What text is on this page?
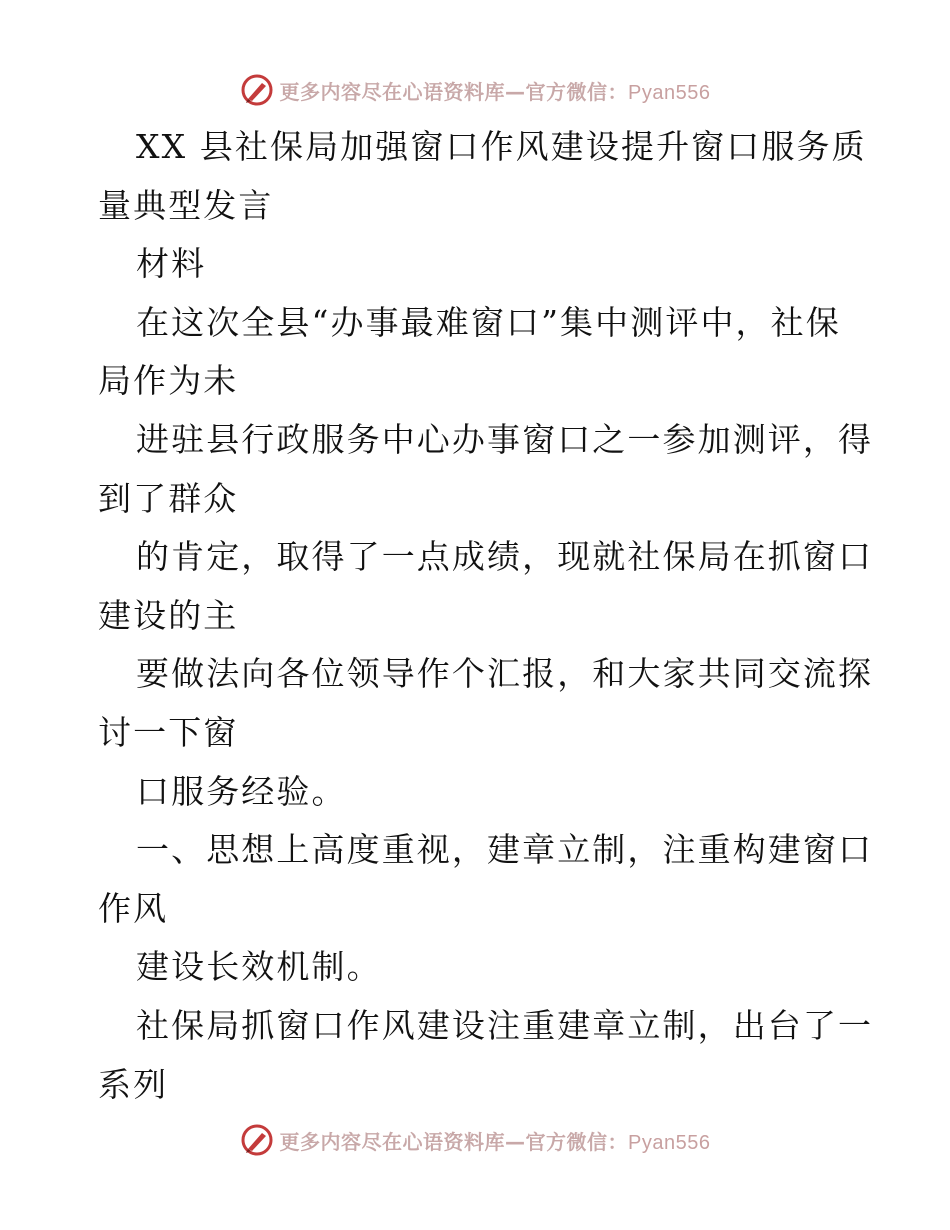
更多内容尽在心语资料库—官方微信：Pyan556
XX 县社保局加强窗口作风建设提升窗口服务质
量典型发言
材料
在这次全县“办事最难窗口”集中测评中，社保
局作为未
进驻县行政服务中心办事窗口之一参加测评，得
到了群众
的肯定，取得了一点成绩，现就社保局在抓窗口
建设的主
要做法向各位领导作个汇报，和大家共同交流探
讨一下窗
口服务经验。
一、思想上高度重视，建章立制，注重构建窗口
作风
建设长效机制。
社保局抓窗口作风建设注重建章立制，出台了一
系列
更多内容尽在心语资料库—官方微信：Pyan556
